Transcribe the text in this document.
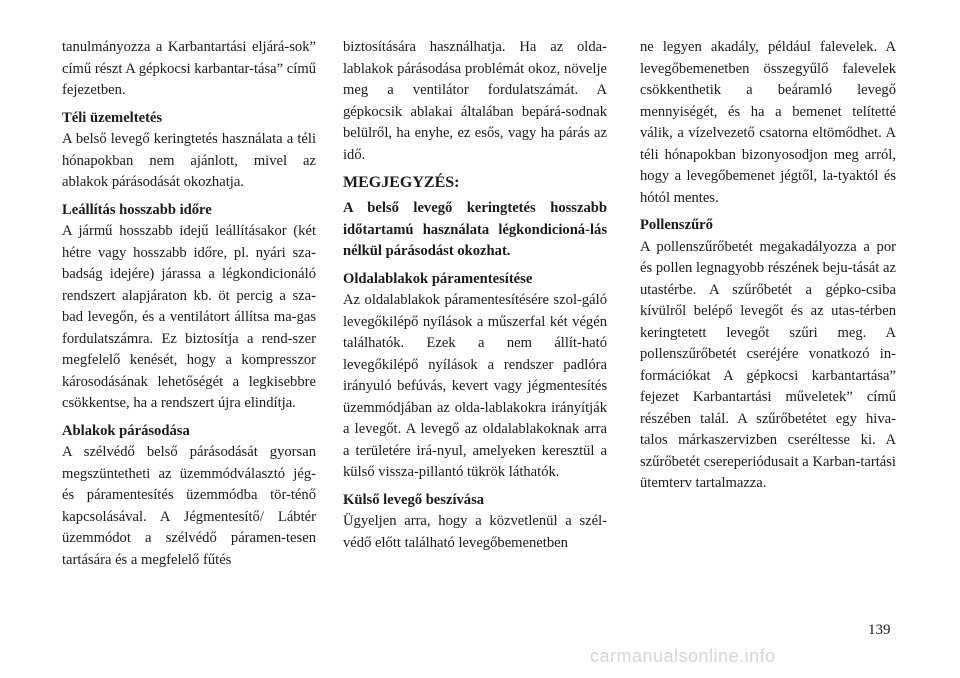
tanulmányozza a Karbantartási eljárá-sok” című részt A gépkocsi karbantar-tása” című fejezetben.

Téli üzemeltetés

A belső levegő keringtetés használata a téli hónapokban nem ajánlott, mivel az ablakok párásodását okozhatja.

Leállítás hosszabb időre

A jármű hosszabb idejű leállításakor (két hétre vagy hosszabb időre, pl. nyári sza-badság idejére) járassa a légkondicionáló rendszert alapjáraton kb. öt percig a sza-bad levegőn, és a ventilátort állítsa ma-gas fordulatszámra. Ez biztosítja a rend-szer megfelelő kenését, hogy a kompresszor károsodásának lehetőségét a legkisebbre csökkentse, ha a rendszert újra elindítja.

Ablakok párásodása

A szélvédő belső párásodását gyorsan megszüntetheti az üzemmódválasztó jég- és páramentesítés üzemmódba tör-ténő kapcsolásával. A Jégmentesítő/ Lábtér üzemmódot a szélvédő páramen-tesen tartására és a megfelelő fűtés

biztosítására használhatja. Ha az olda-lablakok párásodása problémát okoz, növelje meg a ventilátor fordulatszámát. A gépkocsik ablakai általában bepárá-sodnak belülről, ha enyhe, ez esős, vagy ha párás az idő.

MEGJEGYZÉS:

A belső levegő keringtetés hosszabb időtartamú használata légkondicioná-lás nélkül párásodást okozhat.

Oldalablakok páramentesítése

Az oldalablakok páramentesítésére szol-gáló levegőkilépő nyílások a műszerfal két végén találhatók. Ezek a nem állít-ható levegőkilépő nyílások a rendszer padlóra irányuló befúvás, kevert vagy jégmentesítés üzemmódjában az olda-lablakokra irányítják a levegőt. A levegő az oldalablakoknak arra a területére irá-nyul, amelyeken keresztül a külső vissza-pillantó tükrök láthatók.

Külső levegő beszívása

Ügyeljen arra, hogy a közvetlenül a szél-védő előtt található levegőbemenetben

ne legyen akadály, például falevelek. A levegőbemenetben összegyűlő falevelek csökkenthetik a beáramló levegő mennyiségét, és ha a bemenet telítetté válik, a vízelvezető csatorna eltömődhet. A téli hónapokban bizonyosodjon meg arról, hogy a levegőbemenet jégtől, la-tyaktól és hótól mentes.

Pollenszűrő

A pollenszűrőbetét megakadályozza a por és pollen legnagyobb részének beju-tását az utastérbe. A szűrőbetét a gépko-csiba kívülről belépő levegőt és az utas-térben keringtetett levegőt szűri meg. A pollenszűrőbetét cseréjére vonatkozó in-formációkat A gépkocsi karbantartása” fejezet Karbantartási műveletek” című részében talál. A szűrőbetétet egy hiva-talos márkaszervizben cseréltesse ki. A szűrőbetét csereperiódusait a Karban-tartási ütemterv tartalmazza.

139
carmanualsonline.info
